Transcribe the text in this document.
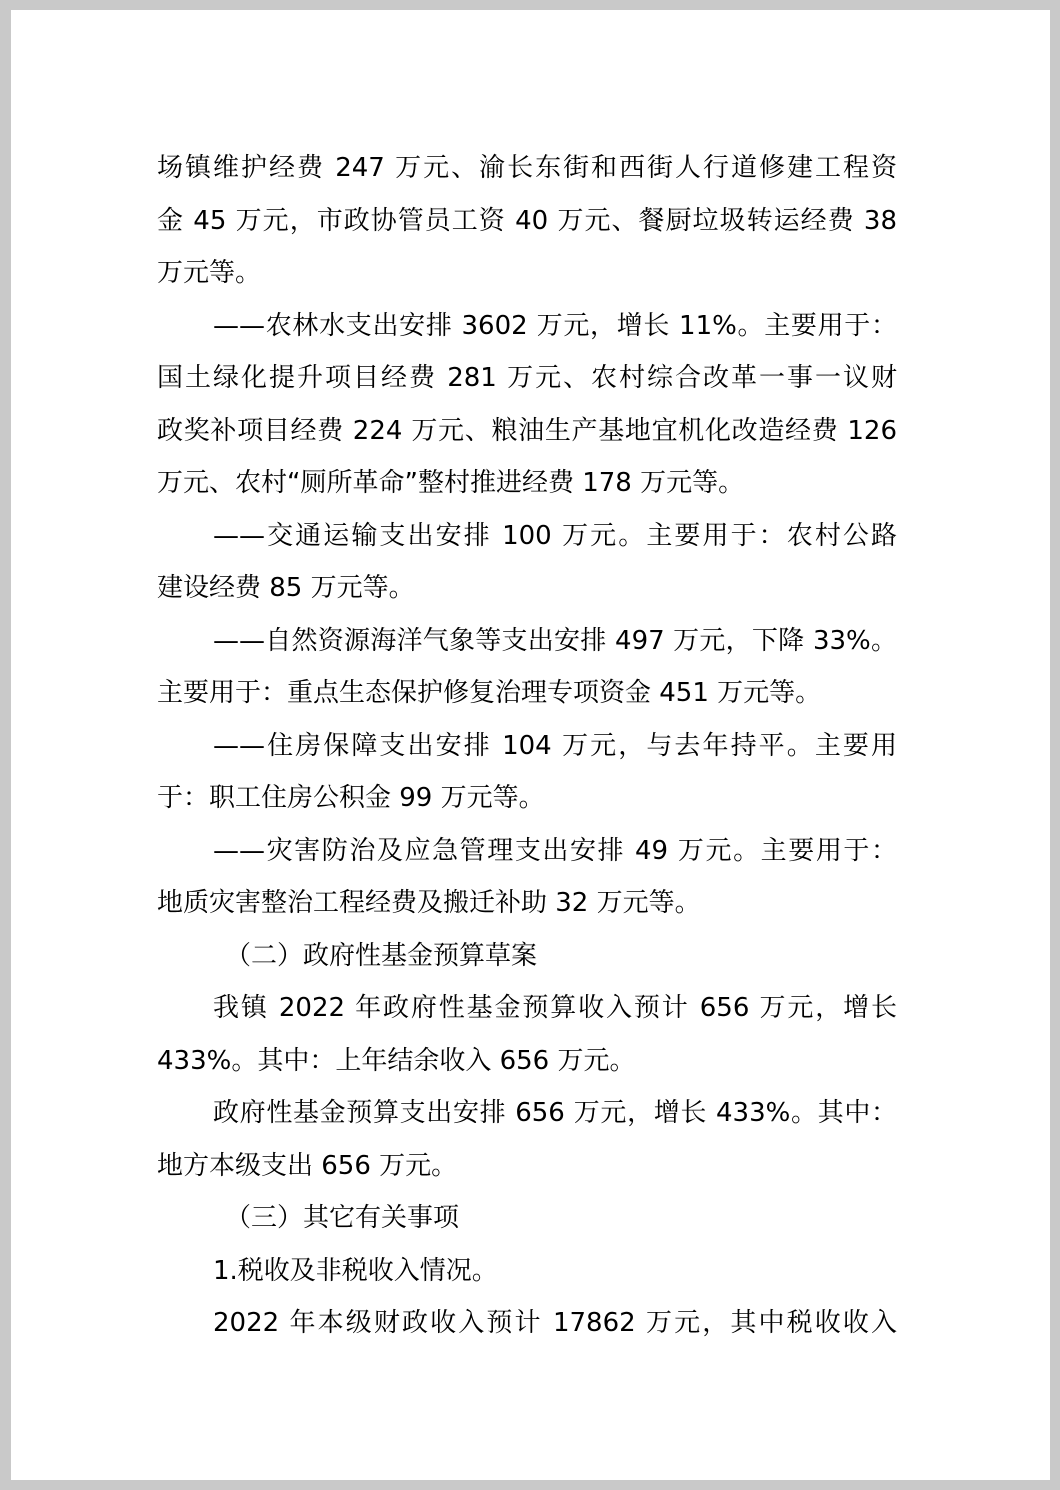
场镇维护经费 247 万元、渝长东街和西街人行道修建工程资
金 45 万元，市政协管员工资 40 万元、餐厨垃圾转运经费 38
万元等。
——农林水支出安排 3602 万元，增长 11%。主要用于：
国土绿化提升项目经费 281 万元、农村综合改革一事一议财
政奖补项目经费 224 万元、粮油生产基地宜机化改造经费 126
万元、农村“厕所革命”整村推进经费 178 万元等。
——交通运输支出安排 100 万元。主要用于：农村公路
建设经费 85 万元等。
——自然资源海洋气象等支出安排 497 万元，下降 33%。
主要用于：重点生态保护修复治理专项资金 451 万元等。
——住房保障支出安排 104 万元，与去年持平。主要用
于：职工住房公积金 99 万元等。
——灾害防治及应急管理支出安排 49 万元。主要用于：
地质灾害整治工程经费及搬迁补助 32 万元等。
（二）政府性基金预算草案
我镇 2022 年政府性基金预算收入预计 656 万元，增长
433%。其中：上年结余收入 656 万元。
政府性基金预算支出安排 656 万元，增长 433%。其中：
地方本级支出 656 万元。
（三）其它有关事项
1.税收及非税收入情况。
2022 年本级财政收入预计 17862 万元，其中税收收入
